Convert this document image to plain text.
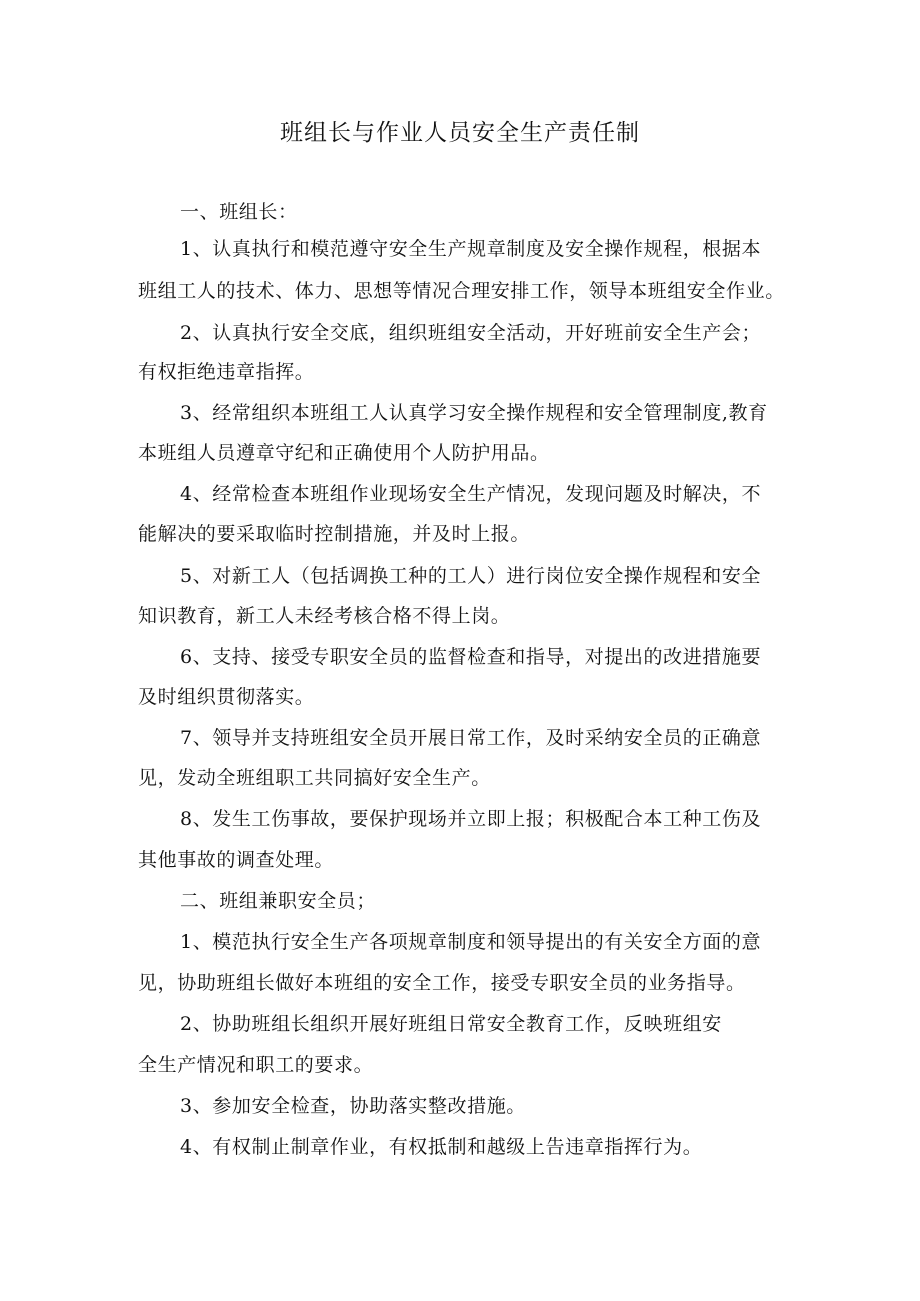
班组长与作业人员安全生产责任制
一、班组长：
1、认真执行和模范遵守安全生产规章制度及安全操作规程，根据本
班组工人的技术、体力、思想等情况合理安排工作，领导本班组安全作业。
2、认真执行安全交底，组织班组安全活动，开好班前安全生产会；
有权拒绝违章指挥。
3、经常组织本班组工人认真学习安全操作规程和安全管理制度,教育
本班组人员遵章守纪和正确使用个人防护用品。
4、经常检查本班组作业现场安全生产情况，发现问题及时解决，不
能解决的要采取临时控制措施，并及时上报。
5、对新工人（包括调换工种的工人）进行岗位安全操作规程和安全
知识教育，新工人未经考核合格不得上岗。
6、支持、接受专职安全员的监督检查和指导，对提出的改进措施要
及时组织贯彻落实。
7、领导并支持班组安全员开展日常工作，及时采纳安全员的正确意
见，发动全班组职工共同搞好安全生产。
8、发生工伤事故，要保护现场并立即上报；积极配合本工种工伤及
其他事故的调查处理。
二、班组兼职安全员；
1、模范执行安全生产各项规章制度和领导提出的有关安全方面的意
见，协助班组长做好本班组的安全工作，接受专职安全员的业务指导。
2、协助班组长组织开展好班组日常安全教育工作，反映班组安
全生产情况和职工的要求。
3、参加安全检查，协助落实整改措施。
4、有权制止制章作业，有权抵制和越级上告违章指挥行为。
